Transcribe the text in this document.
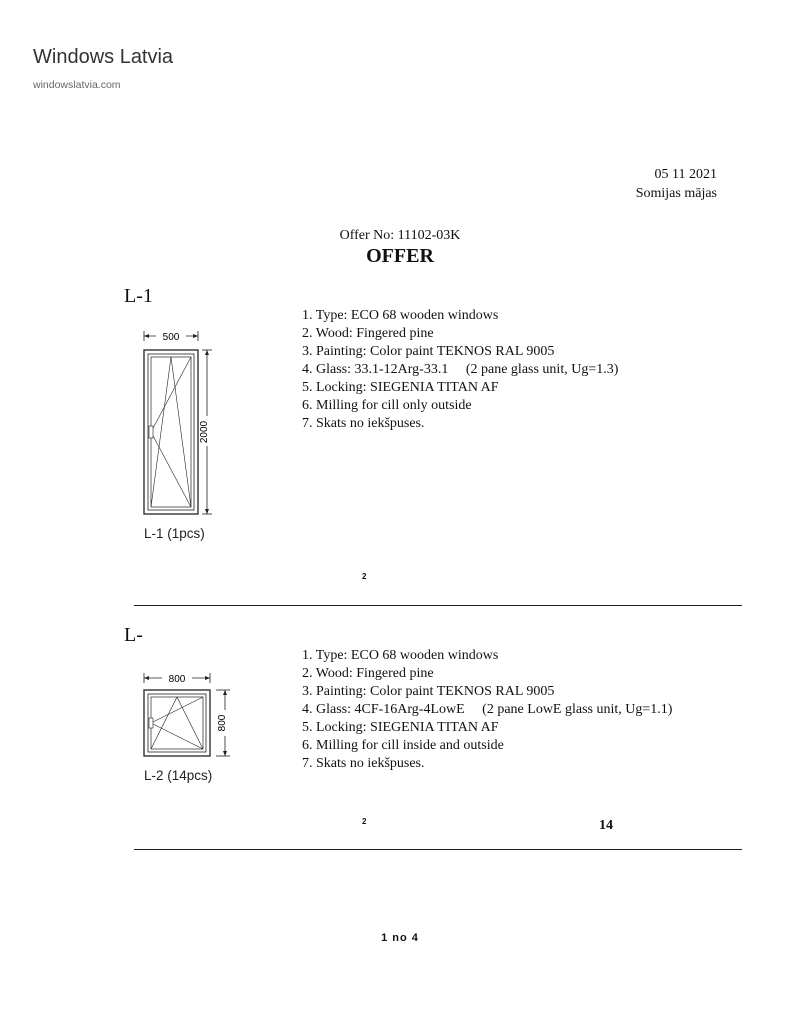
Windows Latvia
windowslatvia.com
05 11 2021
Somijas mājas
Offer No: 11102-03K
OFFER
L-1
500
2000
L-1 (1pcs)
1. Type: ECO 68 wooden windows
2. Wood: Fingered pine
3. Painting: Color paint TEKNOS RAL 9005
4. Glass: 33.1-12Arg-33.1     (2 pane glass unit, Ug=1.3)
5. Locking: SIEGENIA TITAN AF
6. Milling for cill only outside
7. Skats no iekšpuses.
2
L-
800
800
L-2 (14pcs)
1. Type: ECO 68 wooden windows
2. Wood: Fingered pine
3. Painting: Color paint TEKNOS RAL 9005
4. Glass: 4CF-16Arg-4LowE     (2 pane LowE glass unit, Ug=1.1)
5. Locking: SIEGENIA TITAN AF
6. Milling for cill inside and outside
7. Skats no iekšpuses.
2	14
1 no 4
